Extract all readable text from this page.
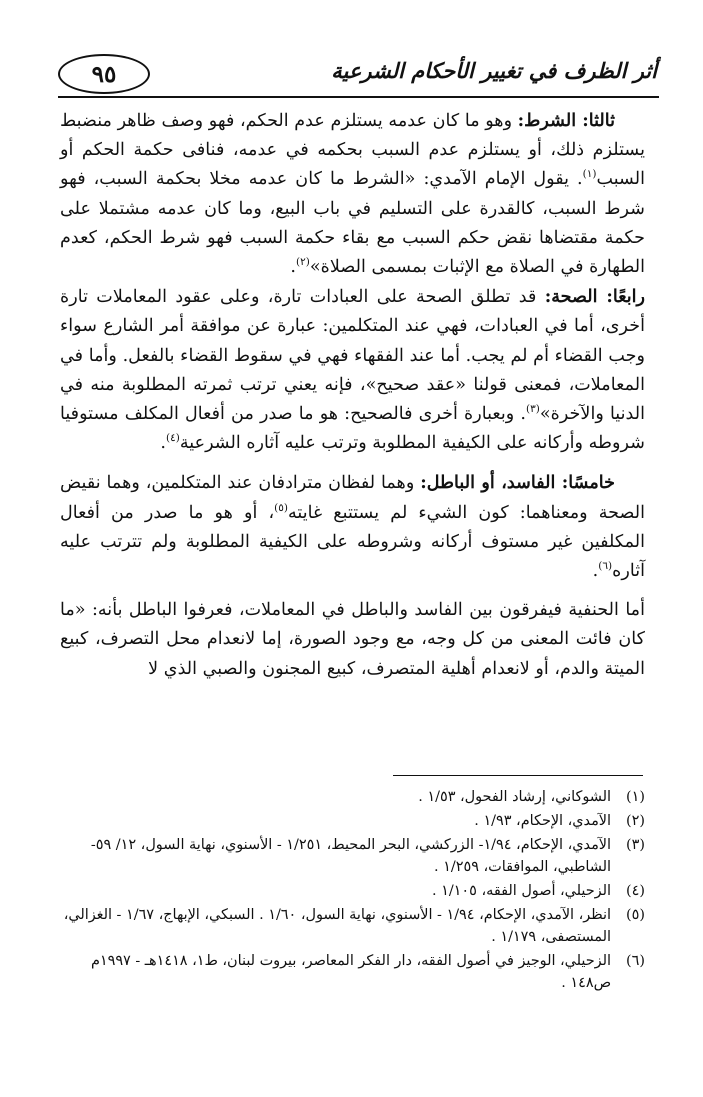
أثر الظرف في تغيير الأحكام الشرعية
٩٥

ثالثا: الشرط: وهو ما كان عدمه يستلزم عدم الحكم، فهو وصف ظاهر منضبط يستلزم ذلك، أو يستلزم عدم السبب بحكمه في عدمه، فنافى حكمة الحكم أو السبب$^{(١)}$. يقول الإمام الآمدي: «الشرط ما كان عدمه مخلا بحكمة السبب، فهو شرط السبب، كالقدرة على التسليم في باب البيع، وما كان عدمه مشتملا على حكمة مقتضاها نقض حكم السبب مع بقاء حكمة السبب فهو شرط الحكم، كعدم الطهارة في الصلاة مع الإثبات بمسمى الصلاة»$^{(٢)}$.

رابعًا: الصحة: قد تطلق الصحة على العبادات تارة، وعلى عقود المعاملات تارة أخرى، أما في العبادات، فهي عند المتكلمين: عبارة عن موافقة أمر الشارع سواء وجب القضاء أم لم يجب. أما عند الفقهاء فهي في سقوط القضاء بالفعل. وأما في المعاملات، فمعنى قولنا «عقد صحيح»، فإنه يعني ترتب ثمرته المطلوبة منه في الدنيا والآخرة»$^{(٣)}$. وبعبارة أخرى فالصحيح: هو ما صدر من أفعال المكلف مستوفيا شروطه وأركانه على الكيفية المطلوبة وترتب عليه آثاره الشرعية$^{(٤)}$.

خامسًا: الفاسد، أو الباطل: وهما لفظان مترادفان عند المتكلمين، وهما نقيض الصحة ومعناهما: كون الشيء لم يستتبع غايته$^{(٥)}$، أو هو ما صدر من أفعال المكلفين غير مستوف أركانه وشروطه على الكيفية المطلوبة ولم تترتب عليه آثاره$^{(٦)}$.

أما الحنفية فيفرقون بين الفاسد والباطل في المعاملات، فعرفوا الباطل بأنه: «ما كان فائت المعنى من كل وجه، مع وجود الصورة، إما لانعدام محل التصرف، كبيع الميتة والدم، أو لانعدام أهلية المتصرف، كبيع المجنون والصبي الذي لا

(١)
الشوكاني، إرشاد الفحول، ١/٥٣ .
(٢)
الآمدي، الإحكام، ١/٩٣ .
(٣)
الآمدي، الإحكام، ١/٩٤- الزركشي، البحر المحيط، ١/٢٥١ - الأسنوي، نهاية السول، ١٢/ ٥٩- الشاطبي، الموافقات، ١/٢٥٩ .
(٤)
الزحيلي، أصول الفقه، ١/١٠٥ .
(٥)
انظر، الآمدي، الإحكام، ١/٩٤ - الأسنوي، نهاية السول، ١/٦٠ . السبكي، الإبهاج، ١/٦٧ - الغزالي، المستصفى، ١/١٧٩ .
(٦)
الزحيلي، الوجيز في أصول الفقه، دار الفكر المعاصر، بيروت لبنان، ط١، ١٤١٨هـ - ١٩٩٧م ص١٤٨ .
